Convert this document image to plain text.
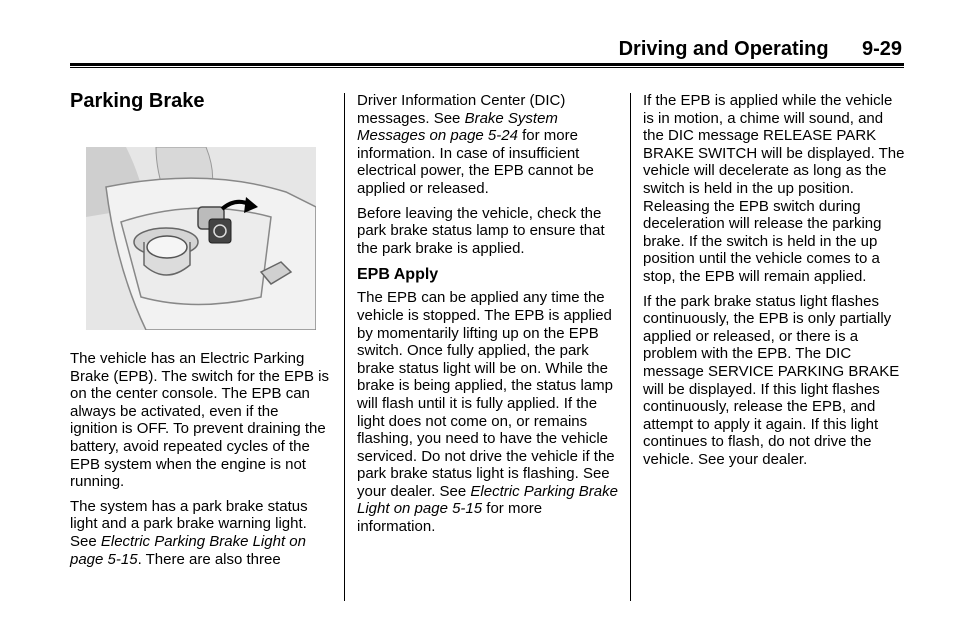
Driving and Operating 9-29
Parking Brake

The vehicle has an Electric Parking Brake (EPB). The switch for the EPB is on the center console. The EPB can always be activated, even if the ignition is OFF. To prevent draining the battery, avoid repeated cycles of the EPB system when the engine is not running.

The system has a park brake status light and a park brake warning light. See Electric Parking Brake Light on page 5-15. There are also three

Driver Information Center (DIC) messages. See Brake System Messages on page 5-24 for more information. In case of insufficient electrical power, the EPB cannot be applied or released.

Before leaving the vehicle, check the park brake status lamp to ensure that the park brake is applied.

EPB Apply

The EPB can be applied any time the vehicle is stopped. The EPB is applied by momentarily lifting up on the EPB switch. Once fully applied, the park brake status light will be on. While the brake is being applied, the status lamp will flash until it is fully applied. If the light does not come on, or remains flashing, you need to have the vehicle serviced. Do not drive the vehicle if the park brake status light is flashing. See your dealer. See Electric Parking Brake Light on page 5-15 for more information.

If the EPB is applied while the vehicle is in motion, a chime will sound, and the DIC message RELEASE PARK BRAKE SWITCH will be displayed. The vehicle will decelerate as long as the switch is held in the up position. Releasing the EPB switch during deceleration will release the parking brake. If the switch is held in the up position until the vehicle comes to a stop, the EPB will remain applied.

If the park brake status light flashes continuously, the EPB is only partially applied or released, or there is a problem with the EPB. The DIC message SERVICE PARKING BRAKE will be displayed. If this light flashes continuously, release the EPB, and attempt to apply it again. If this light continues to flash, do not drive the vehicle. See your dealer.
